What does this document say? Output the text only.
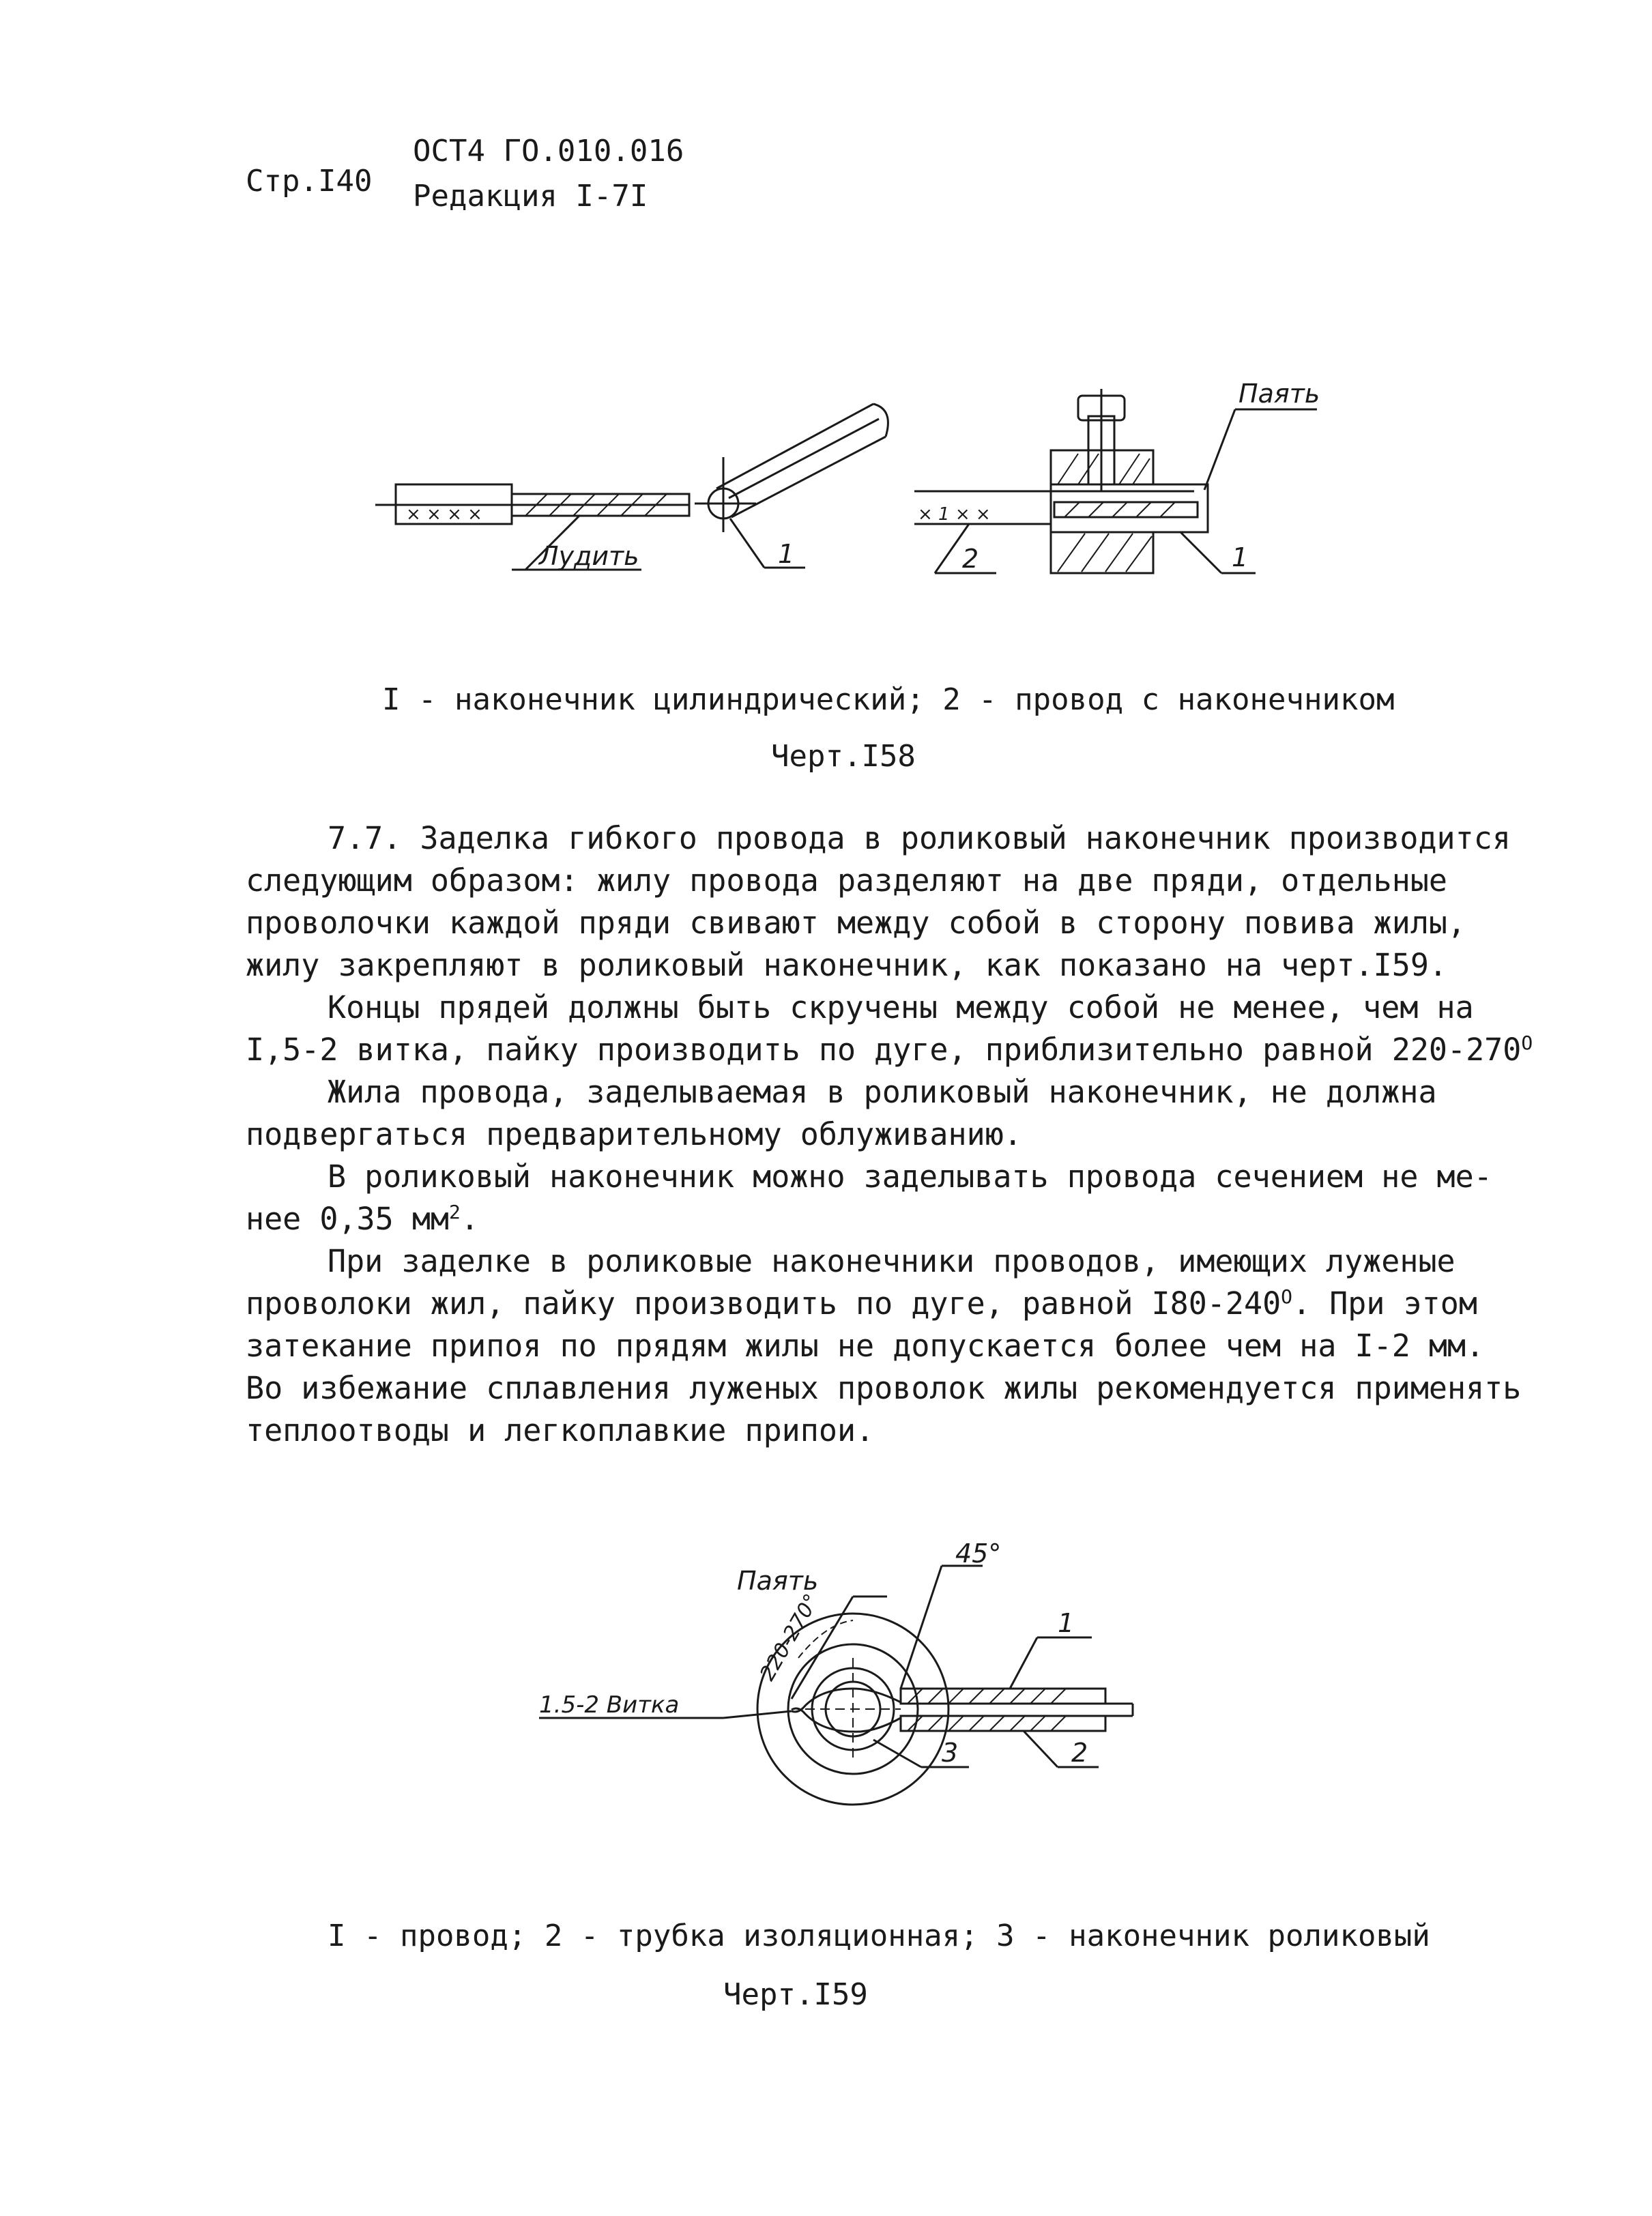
Стр.I40
ОСТ4 ГО.010.016
Редакция I-7I
× × × ×
Лудить	1
Паять
1
2
× 1 × ×
I - наконечник цилиндрический; 2 - провод с наконечником
Черт.I58
7.7. Заделка гибкого провода в роликовый наконечник производится
следующим образом: жилу провода разделяют на две пряди, отдельные
проволочки каждой пряди свивают между собой в сторону повива жилы,
жилу закрепляют в роликовый наконечник, как показано на черт.I59.
Концы прядей должны быть скручены между собой не менее, чем на
I,5-2 витка, пайку производить по дуге, приблизительно равной $220-270^O$
Жила провода, заделываемая в роликовый наконечник, не должна
подвергаться предварительному облуживанию.
В роликовый наконечник можно заделывать провода сечением не ме-
нее 0,35 $мм^2$.
При заделке в роликовые наконечники проводов, имеющих луженые
проволоки жил, пайку производить по дуге, равной $I80-240^O$. При этом
затекание припоя по прядям жилы не допускается более чем на I-2 мм.
Во избежание сплавления луженых проволок жилы рекомендуется применять
теплоотводы и легкоплавкие припои.
Паять
45°
220-270°
1.5-2 Витка
1
2
3
I - провод; 2 - трубка изоляционная; 3 - наконечник роликовый
Черт.I59
